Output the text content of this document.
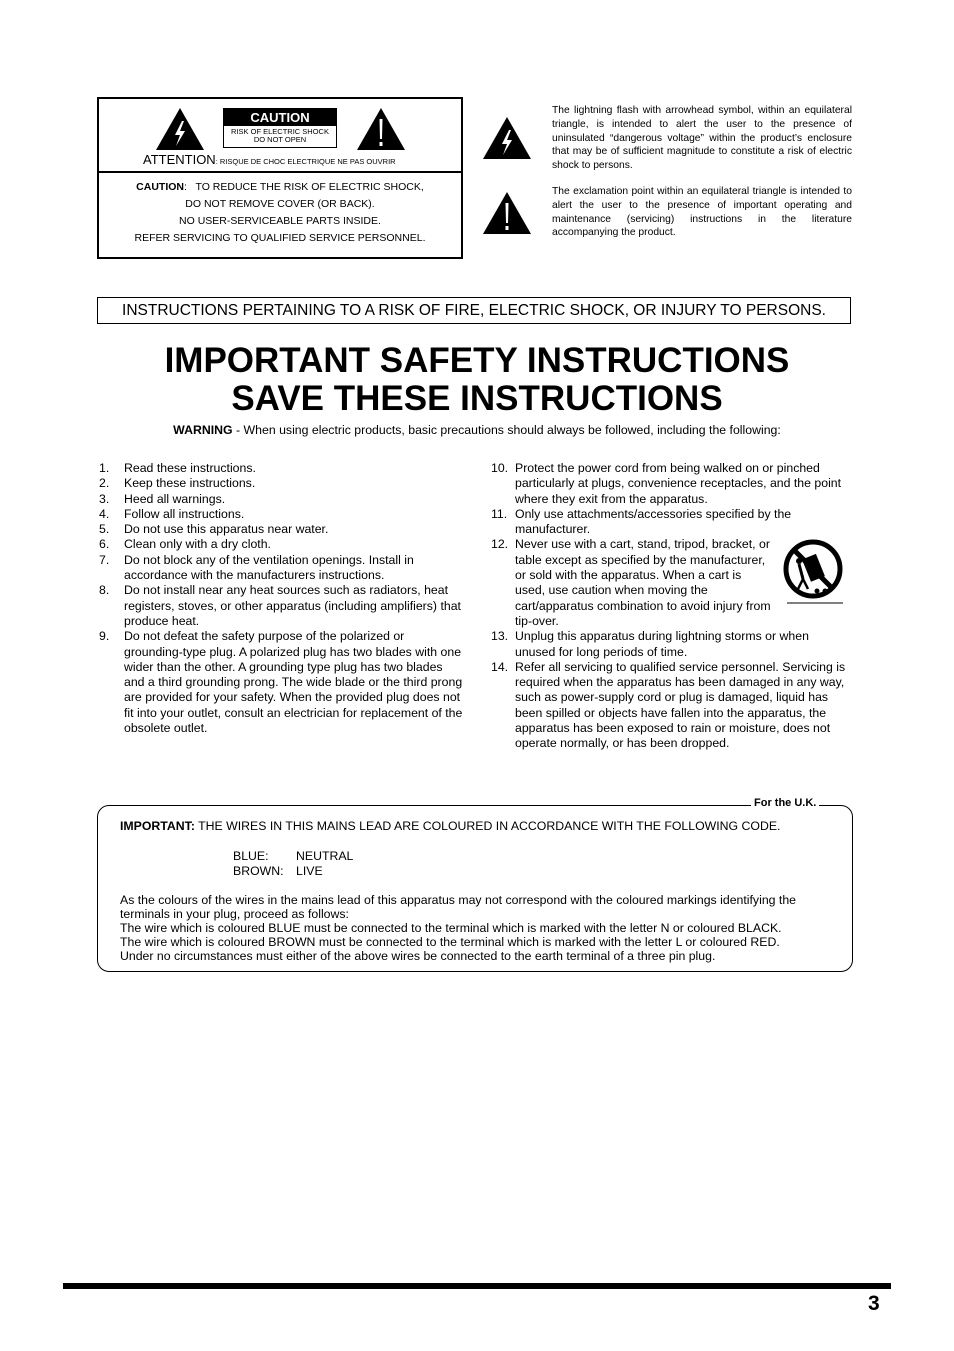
CAUTION
RISK OF ELECTRIC SHOCK
DO NOT OPEN
ATTENTION: RISQUE DE CHOC ELECTRIQUE NE PAS OUVRIR
CAUTION:   TO REDUCE THE RISK OF ELECTRIC SHOCK,
DO NOT REMOVE COVER (OR BACK).
NO USER-SERVICEABLE PARTS INSIDE.
REFER SERVICING TO QUALIFIED SERVICE PERSONNEL.
The lightning flash with arrowhead symbol, within an equilateral triangle, is intended to alert the user to the presence of uninsulated “dangerous voltage” within the product’s enclosure that may be of sufficient magnitude to constitute a risk of electric shock to persons.
The exclamation point within an equilateral triangle is intended to alert the user to the presence of important operating and maintenance (servicing) instructions in the literature accompanying the product.
INSTRUCTIONS PERTAINING TO A RISK OF FIRE, ELECTRIC SHOCK, OR INJURY TO PERSONS.
IMPORTANT SAFETY INSTRUCTIONS
SAVE THESE INSTRUCTIONS
WARNING - When using electric products, basic precautions should always be followed, including the following:
1.	Read these instructions.
2.	Keep these instructions.
3.	Heed all warnings.
4.	Follow all instructions.
5.	Do not use this apparatus near water.
6.	Clean only with a dry cloth.
7.	Do not block any of the ventilation openings. Install in accordance with the manufacturers instructions.
8.	Do not install near any heat sources such as radiators, heat registers, stoves, or other apparatus (including amplifiers) that produce heat.
9.	Do not defeat the safety purpose of the polarized or grounding-type plug. A polarized plug has two blades with one wider than the other. A grounding type plug has two blades and a third grounding prong. The wide blade or the third prong are provided for your safety. When the provided plug does not fit into your outlet, consult an electrician for replacement of the obsolete outlet.
10. Protect the power cord from being walked on or pinched particularly at plugs, convenience receptacles, and the point where they exit from the apparatus.
11. Only use attachments/accessories specified by the manufacturer.
12. Never use with a cart, stand, tripod, bracket, or table except as specified by the manufacturer, or sold with the apparatus. When a cart is used, use caution when moving the cart/apparatus combination to avoid injury from tip-over.
13. Unplug this apparatus during lightning storms or when unused for long periods of time.
14. Refer all servicing to qualified service personnel. Servicing is required when the apparatus has been damaged in any way, such as power-supply cord or plug is damaged, liquid has been spilled or objects have fallen into the apparatus, the apparatus has been exposed to rain or moisture, does not operate normally, or has been dropped.
For the U.K.
IMPORTANT: THE WIRES IN THIS MAINS LEAD ARE COLOURED IN ACCORDANCE WITH THE FOLLOWING CODE.
BLUE: NEUTRAL
BROWN: LIVE
As the colours of the wires in the mains lead of this apparatus may not correspond with the coloured markings identifying the terminals in your plug, proceed as follows:
The wire which is coloured BLUE must be connected to the terminal which is marked with the letter N or coloured BLACK.
The wire which is coloured BROWN must be connected to the terminal which is marked with the letter L or coloured RED.
Under no circumstances must either of the above wires be connected to the earth terminal of a three pin plug.
3
